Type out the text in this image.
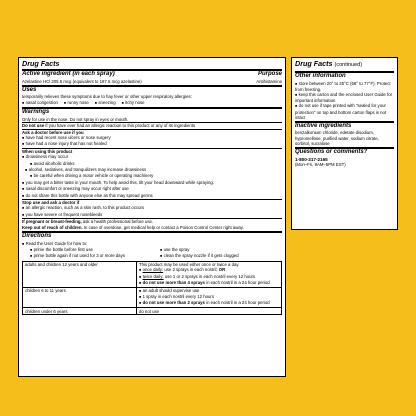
Drug Facts
Active ingredient (in each spray)	Purpose
Azelastine HCl 205.5 mcg (equivalent to 187.6 mcg azelastine)	Antihistamine
Uses
temporarily relieves these symptoms due to hay fever or other upper respiratory allergies:
■ nasal congestion	■ runny nose	■ sneezing	■ itchy nose
Warnings
Only for use in the nose. Do not spray in eyes or mouth.
Do not use if you have ever had an allergic reaction to this product or any of its ingredients
Ask a doctor before use if you
■ have had recent nose ulcers or nose surgery
■ have had a nose injury that has not healed
When using this product
■ drowsiness may occur
■ avoid alcoholic drinks
■ alcohol, sedatives, and tranquilizers may increase drowsiness
■ be careful when driving a motor vehicle or operating machinery
■ you may get a bitter taste in your mouth. To help avoid this, tilt your head downward while spraying.
■ nasal discomfort or sneezing may occur right after use
■ do not share this bottle with anyone else as this may spread germs
Stop use and ask a doctor if
■ an allergic reaction, such as a skin rash, to this product occurs
■ you have severe or frequent nosebleeds
If pregnant or breast-feeding, ask a health professional before use.
Keep out of reach of children. In case of overdose, get medical help or contact a Poison Control Center right away.
Directions
■ Read the User Guide for how to:
■ prime the bottle before first use
■ prime bottle again if not used for 3 or more days
■ use the spray
■ clean the spray nozzle if it gets clogged
adults and children 12 years and older	This product may be used either once or twice a day.
■ once daily: use 2 sprays in each nostril; OR
■ twice daily: use 1 or 2 sprays in each nostril every 12 hours
■ do not use more than 4 sprays in each nostril in a 24 hour period

children 6 to 11 years	■ an adult should supervise use
■ 1 spray in each nostril every 12 hours
■ do not use more than 2 sprays in each nostril in a 24 hour period

children under 6 years	do not use
Drug Facts (continued)
Other information
■ store between 20° to 25°C (68° to 77°F). Protect from freezing.
■ keep this carton and the enclosed User Guide for important information
■ do not use if tape printed with "sealed for your protection" on top and bottom carton flaps is not intact
Inactive ingredients
benzalkonium chloride, edetate disodium, hypromellose, purified water, sodium citrate, sorbitol, sucralose
Questions or comments?
1-800-317-2165
(Mon–Fri, 9AM–5PM EST)
